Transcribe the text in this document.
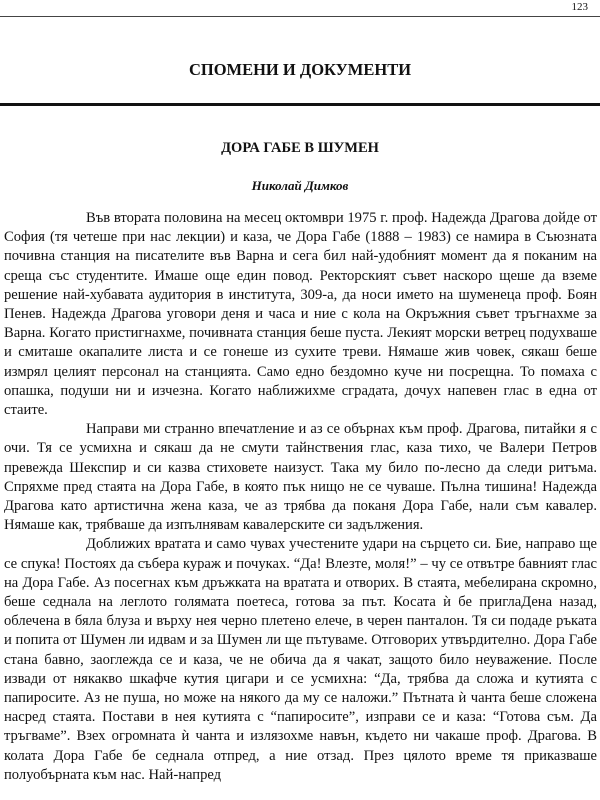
123
СПОМЕНИ И ДОКУМЕНТИ
ДОРА ГАБЕ В ШУМЕН
Николай Димков

Във втората половина на месец октомври 1975 г. проф. Надежда Драгова дойде от София (тя четеше при нас лекции) и каза, че Дора Габе (1888 – 1983) се намира в Съюзната почивна станция на писателите във Варна и сега бил най-удобният момент да я поканим на среща със студентите. Имаше още един повод. Ректорският съвет наскоро щеше да вземе решение най-хубавата аудитория в института, 309-а, да носи името на шуменеца проф. Боян Пенев. Надежда Драгова уговори деня и часа и ние с кола на Окръжния съвет тръгнахме за Варна. Когато пристигнахме, почивната станция беше пуста. Лекият морски ветрец подухваше и смиташе окапалите листа и се гонеше из сухите треви. Нямаше жив човек, сякаш беше измрял целият персонал на станцията. Само едно бездомно куче ни посрещна. То помаха с опашка, подуши ни и изчезна. Когато наближихме сградата, дочух напевен глас в една от стаите.

Направи ми странно впечатление и аз се обърнах към проф. Драгова, питайки я с очи. Тя се усмихна и сякаш да не смути тайнствения глас, каза тихо, че Валери Петров превежда Шекспир и си казва стиховете наизуст. Така му било по-лесно да следи ритъма. Спряхме пред стаята на Дора Габе, в която пък нищо не се чуваше. Пълна тишина! Надежда Драгова като артистична жена каза, че аз трябва да поканя Дора Габе, нали съм кавалер. Нямаше как, трябваше да изпълнявам кавалерските си задължения.

Доближих вратата и само чувах учестените удари на сърцето си. Бие, направо ще се спука! Постоях да събера кураж и почуках. “Да! Влезте, моля!” – чу се отвътре бавният глас на Дора Габе. Аз посегнах към дръжката на вратата и отворих. В стаята, мебелирана скромно, беше седнала на леглото голямата поетеса, готова за път. Косата ѝ бе приглаДена назад, облечена в бяла блуза и върху нея черно плетено елече, в черен панталон. Тя си подаде ръката и попита от Шумен ли идвам и за Шумен ли ще пътуваме. Отговорих утвърдително. Дора Габе стана бавно, заоглежда се и каза, че не обича да я чакат, защото било неуважение. После извади от някакво шкафче кутия цигари и се усмихна: “Да, трябва да сложа и кутията с папиросите. Аз не пуша, но може на някого да му се наложи.” Пътната ѝ чанта беше сложена насред стаята. Постави в нея кутията с “папиросите”, изправи се и каза: “Готова съм. Да тръгваме”. Взех огромната ѝ чанта и излязохме навън, където ни чакаше проф. Драгова. В колата Дора Габе бе седнала отпред, а ние отзад. През цялото време тя приказваше полуобърната към нас. Най-напред
